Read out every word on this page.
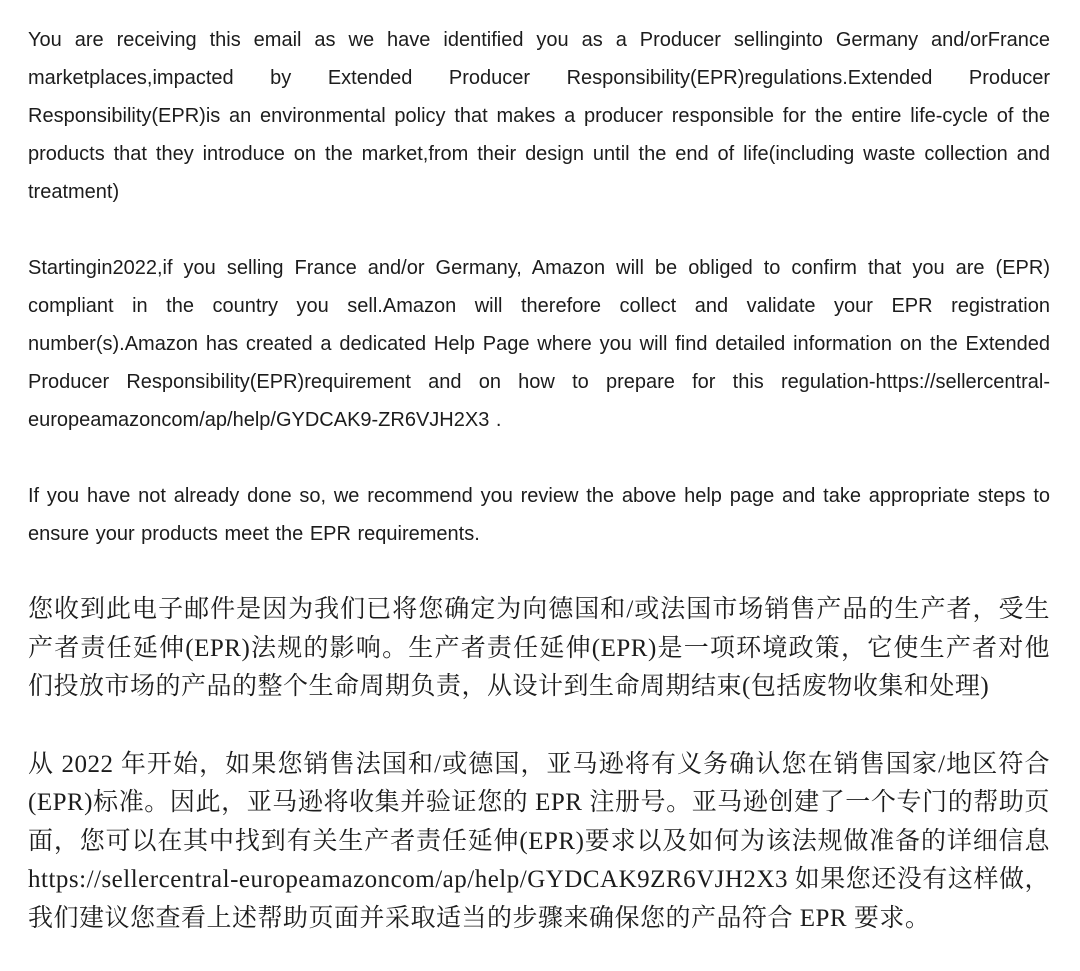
You are receiving this email as we have identified you as a Producer sellinginto Germany and/orFrance marketplaces,impacted by Extended Producer Responsibility(EPR)regulations.Extended Producer Responsibility(EPR)is an environmental policy that makes a producer responsible for the entire life-cycle of the products that they introduce on the market,from their design until the end of life(including waste collection and treatment)

Startingin2022,if you selling France and/or Germany, Amazon will be obliged to confirm that you are (EPR) compliant in the country you sell.Amazon will therefore collect and validate your EPR registration number(s).Amazon has created a dedicated Help Page where you will find detailed information on the Extended Producer Responsibility(EPR)requirement and on how to prepare for this regulation-https://sellercentral-europeamazoncom/ap/help/GYDCAK9-ZR6VJH2X3 .

If you have not already done so, we recommend you review the above help page and take appropriate steps to ensure your products meet the EPR requirements.

您收到此电子邮件是因为我们已将您确定为向德国和/或法国市场销售产品的生产者，受生产者责任延伸(EPR)法规的影响。生产者责任延伸(EPR)是一项环境政策，它使生产者对他们投放市场的产品的整个生命周期负责，从设计到生命周期结束(包括废物收集和处理)

从 2022 年开始，如果您销售法国和/或德国，亚马逊将有义务确认您在销售国家/地区符合(EPR)标准。因此，亚马逊将收集并验证您的 EPR 注册号。亚马逊创建了一个专门的帮助页面，您可以在其中找到有关生产者责任延伸(EPR)要求以及如何为该法规做准备的详细信息 https://sellercentral-europeamazoncom/ap/help/GYDCAK9ZR6VJH2X3 如果您还没有这样做，我们建议您查看上述帮助页面并采取适当的步骤来确保您的产品符合 EPR 要求。
